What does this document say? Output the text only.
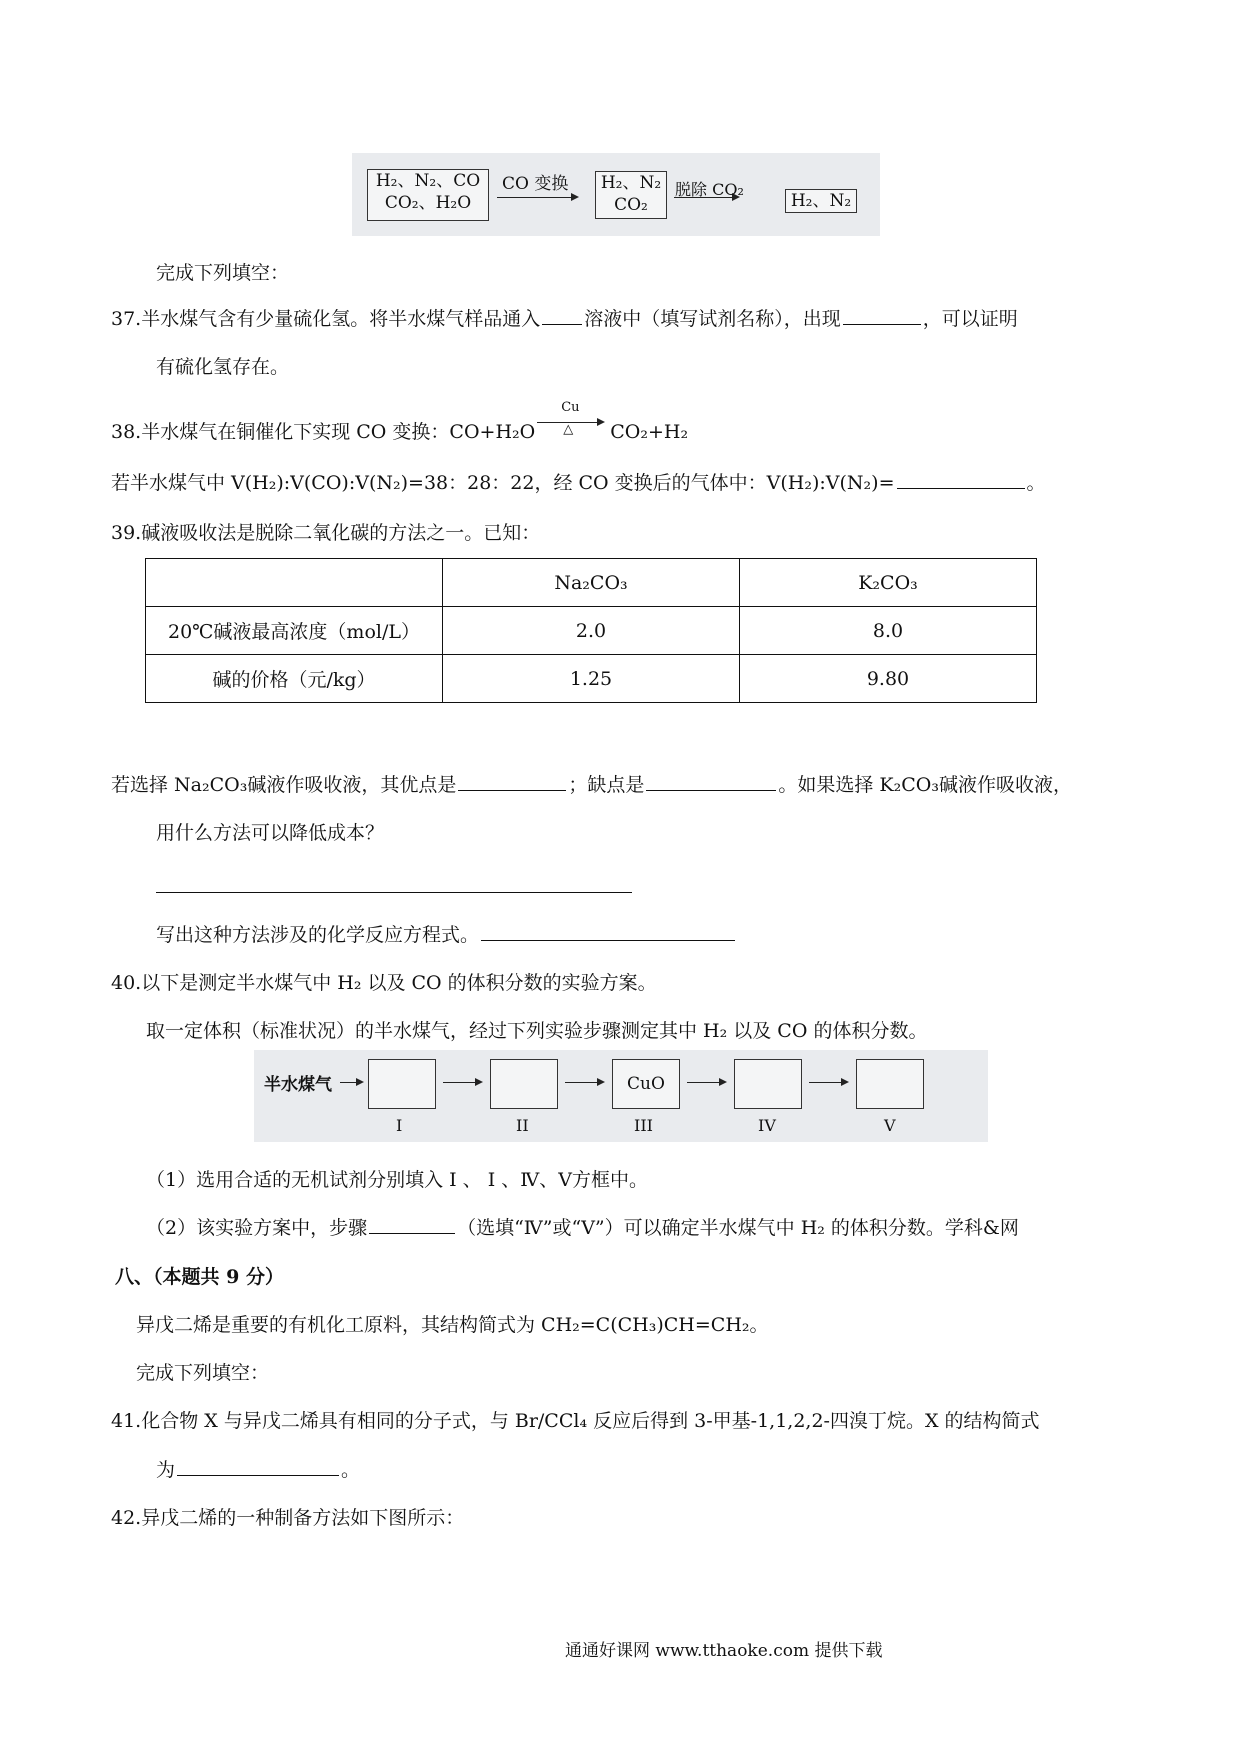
H₂、N₂、CO
CO₂、H₂O
CO 变换 H₂、N₂
CO₂
脱除 CO₂
H₂、N₂
完成下列填空：
37.半水煤气含有少量硫化氢。将半水煤气样品通入 溶液中（填写试剂名称），出现	，可以证明
有硫化氢存在。
38.半水煤气在铜催化下实现 CO 变换：CO+H₂O
Cu
△ CO₂+H₂
若半水煤气中 V(H₂):V(CO):V(N₂)=38：28：22，经 CO 变换后的气体中：V(H₂):V(N₂)=	。
39.碱液吸收法是脱除二氧化碳的方法之一。已知：
	Na₂CO₃	K₂CO₃
20℃碱液最高浓度（mol/L）	2.0	8.0
碱的价格（元/kg）	1.25	9.80
若选择 Na₂CO₃碱液作吸收液，其优点是	；缺点是	。如果选择 K₂CO₃碱液作吸收液，
用什么方法可以降低成本？
写出这种方法涉及的化学反应方程式。
40.以下是测定半水煤气中 H₂ 以及 CO 的体积分数的实验方案。
取一定体积（标准状况）的半水煤气，经过下列实验步骤测定其中 H₂ 以及 CO 的体积分数。
半水煤气	CuO
I	II	III	IV	V
（1）选用合适的无机试剂分别填入 I 、 I 、Ⅳ、Ⅴ方框中。
（2）该实验方案中，步骤	（选填“Ⅳ”或“Ⅴ”）可以确定半水煤气中 H₂ 的体积分数。学科&网
八、（本题共 9 分）
异戊二烯是重要的有机化工原料，其结构简式为 CH₂=C(CH₃)CH=CH₂。
完成下列填空：
41.化合物 X 与异戊二烯具有相同的分子式，与 Br/CCl₄ 反应后得到 3-甲基-1,1,2,2-四溴丁烷。X 的结构简式
为	。
42.异戊二烯的一种制备方法如下图所示：
通通好课网 www.tthaoke.com 提供下载
